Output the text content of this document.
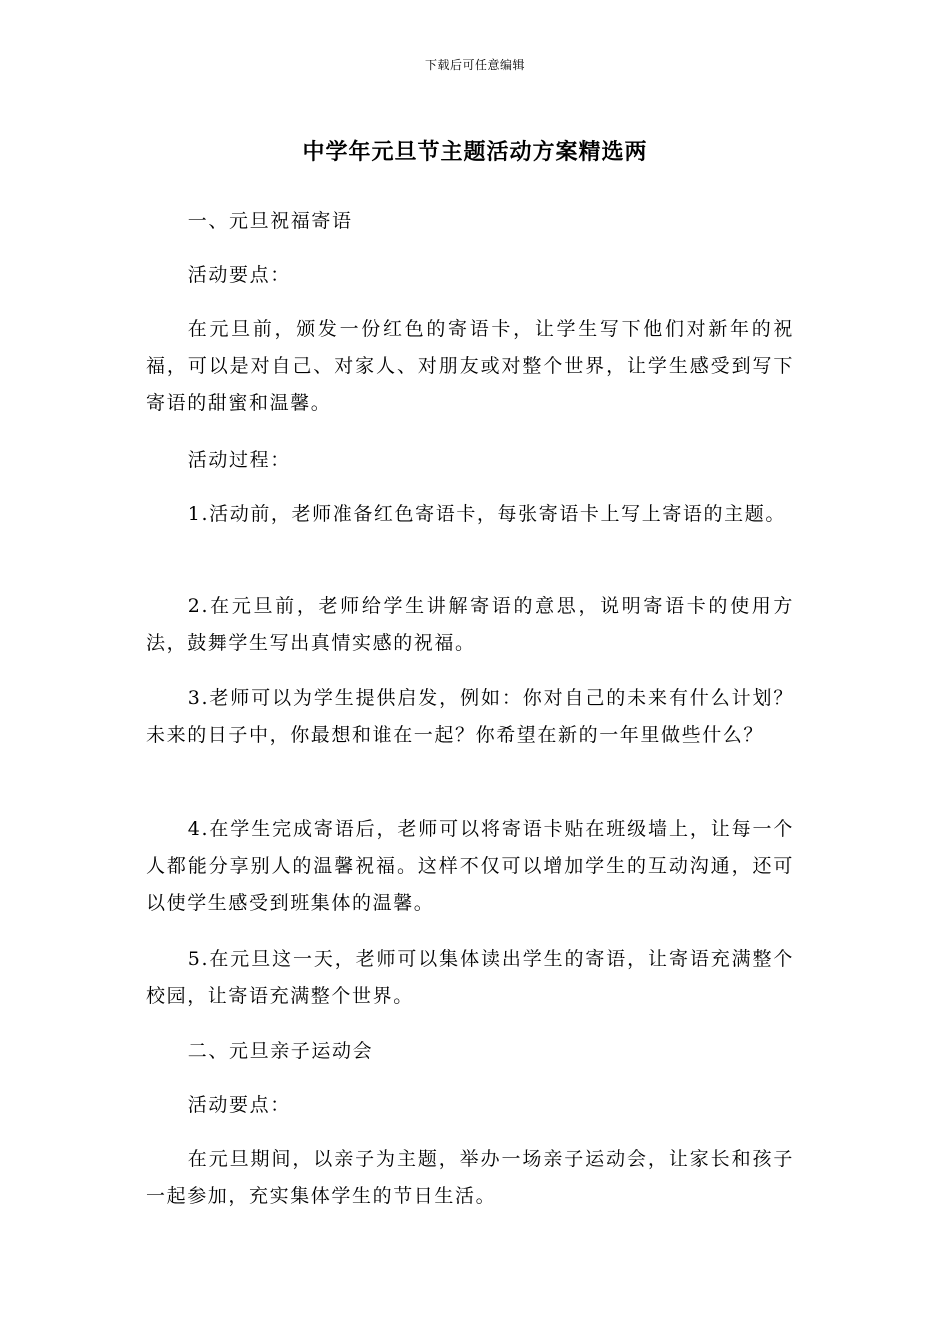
下载后可任意编辑
中学年元旦节主题活动方案精选两
一、元旦祝福寄语
活动要点：

在元旦前，颁发一份红色的寄语卡，让学生写下他们对新年的祝福，可以是对自己、对家人、对朋友或对整个世界，让学生感受到写下寄语的甜蜜和温馨。

活动过程：

1.活动前，老师准备红色寄语卡，每张寄语卡上写上寄语的主题。

2.在元旦前，老师给学生讲解寄语的意思，说明寄语卡的使用方法，鼓舞学生写出真情实感的祝福。

3.老师可以为学生提供启发，例如：你对自己的未来有什么计划？未来的日子中，你最想和谁在一起？你希望在新的一年里做些什么？

4.在学生完成寄语后，老师可以将寄语卡贴在班级墙上，让每一个人都能分享别人的温馨祝福。这样不仅可以增加学生的互动沟通，还可以使学生感受到班集体的温馨。

5.在元旦这一天，老师可以集体读出学生的寄语，让寄语充满整个校园，让寄语充满整个世界。

二、元旦亲子运动会
活动要点：

在元旦期间，以亲子为主题，举办一场亲子运动会，让家长和孩子一起参加，充实集体学生的节日生活。
